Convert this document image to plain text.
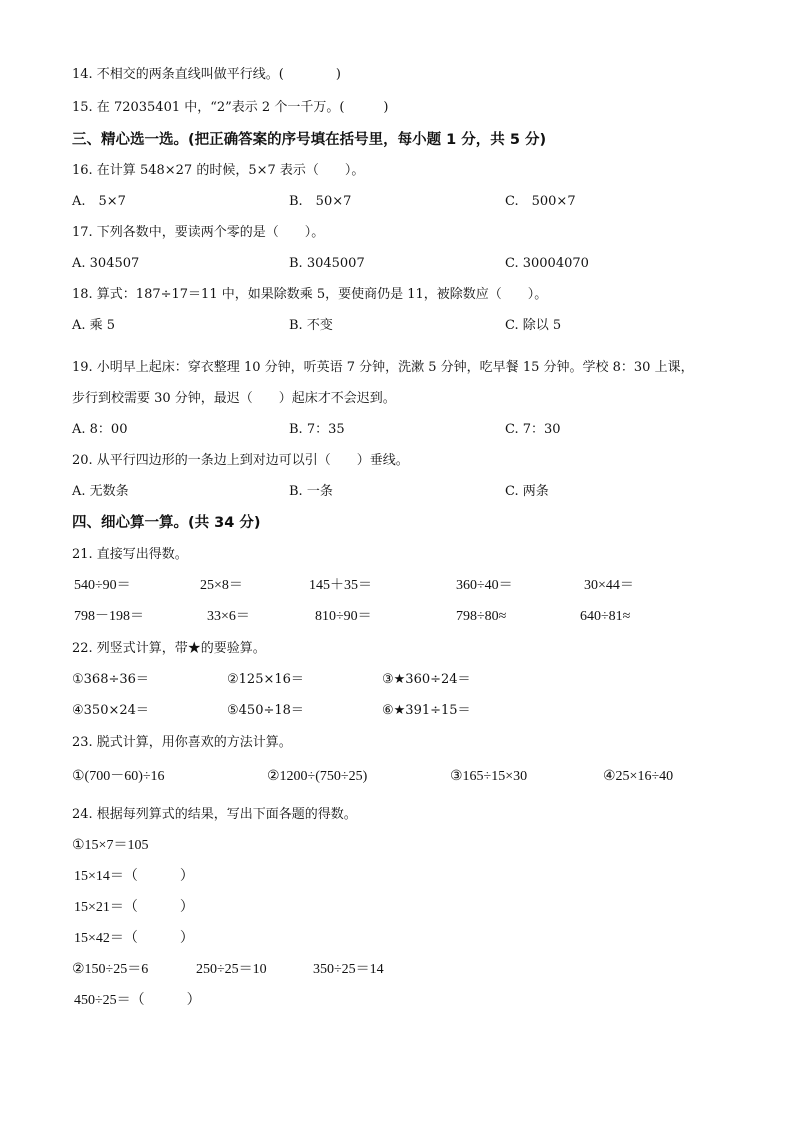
14. 不相交的两条直线叫做平行线。(　　　　)
15. 在 72035401 中，“2”表示 2 个一千万。(　　　)
三、精心选一选。(把正确答案的序号填在括号里，每小题 1 分，共 5 分)
16. 在计算 548×27 的时候，5×7 表示（　　）。
A.　5×7	B.　50×7	C.　500×7
17. 下列各数中，要读两个零的是（　　）。
A. 304507	B. 3045007	C. 30004070
18. 算式：187÷17＝11 中，如果除数乘 5，要使商仍是 11，被除数应（　　）。
A. 乘 5	B. 不变	C. 除以 5
19. 小明早上起床：穿衣整理 10 分钟，听英语 7 分钟，洗漱 5 分钟，吃早餐 15 分钟。学校 8：30 上课，
步行到校需要 30 分钟，最迟（　　）起床才不会迟到。
A. 8：00	B. 7：35	C. 7：30
20. 从平行四边形的一条边上到对边可以引（　　）垂线。
A. 无数条	B. 一条	C. 两条
四、细心算一算。(共 34 分)
21. 直接写出得数。
540÷90＝	25×8＝	145＋35＝	360÷40＝	30×44＝
798－198＝	33×6＝	810÷90＝	798÷80≈	640÷81≈
22. 列竖式计算，带★的要验算。
①368÷36＝	②125×16＝	③★360÷24＝
④350×24＝	⑤450÷18＝	⑥★391÷15＝
23. 脱式计算，用你喜欢的方法计算。
①(700－60)÷16	②1200÷(750÷25)	③165÷15×30	④25×16÷40
24. 根据每列算式的结果，写出下面各题的得数。
①15×7＝105
15×14＝（　　　）
15×21＝（　　　）
15×42＝（　　　）
②150÷25＝6	250÷25＝10	350÷25＝14
450÷25＝（　　　）
